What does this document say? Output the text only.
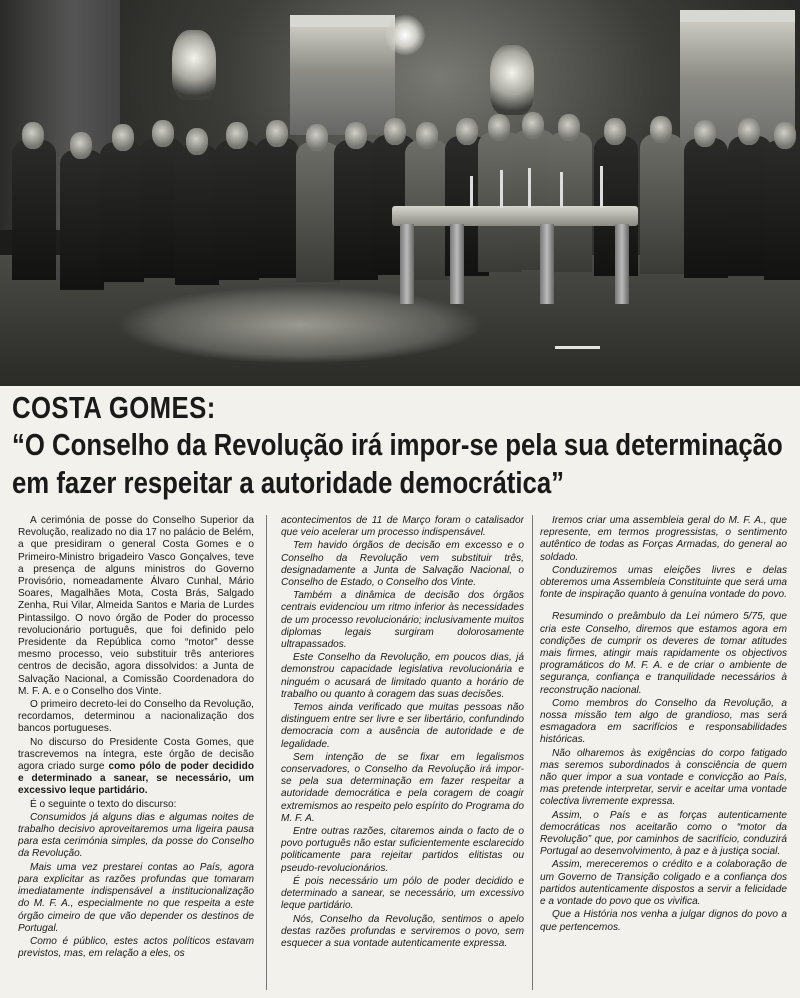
COSTA GOMES:
“O Conselho da Revolução irá impor-se pela sua determinação
em fazer respeitar a autoridade democrática”

A cerimónia de posse do Conselho Superior da Revolução, realizado no dia 17 no palácio de Belém, a que presidiram o general Costa Gomes e o Primeiro-Ministro brigadeiro Vasco Gonçalves, teve a presença de alguns ministros do Governo Provisório, nomeadamente Álvaro Cunhal, Mário Soares, Magalhães Mota, Costa Brás, Salgado Zenha, Rui Vilar, Almeida Santos e Maria de Lurdes Pintassilgo. O novo órgão de Poder do processo revolucionário português, que foi definido pelo Presidente da República como “motor” desse mesmo processo, veio substituir três anteriores centros de decisão, agora dissolvidos: a Junta de Salvação Nacional, a Comissão Coordenadora do M. F. A. e o Conselho dos Vinte.

O primeiro decreto-lei do Conselho da Revolução, recordamos, determinou a nacionalização dos bancos portugueses.

No discurso do Presidente Costa Gomes, que trascrevemos na íntegra, este órgão de decisão agora criado surge como pólo de poder decidido e determinado a sanear, se necessário, um excessivo leque partidário.

É o seguinte o texto do discurso:

Consumidos já alguns dias e algumas noites de trabalho decisivo aproveitaremos uma ligeira pausa para esta cerimónia simples, da posse do Conselho da Revolução.

Mais uma vez prestarei contas ao País, agora para explicitar as razões profundas que tomaram imediatamente indispensável a institucionalização do M. F. A., especialmente no que respeita a este órgão cimeiro de que vão depender os destinos de Portugal.

Como é público, estes actos políticos estavam previstos, mas, em relação a eles, os

acontecimentos de 11 de Março foram o catalisador que veio acelerar um processo indispensável.

Tem havido órgãos de decisão em excesso e o Conselho da Revolução vem substituir três, designadamente a Junta de Salvação Nacional, o Conselho de Estado, o Conselho dos Vinte.

Também a dinâmica de decisão dos órgãos centrais evidenciou um ritmo inferior às necessidades de um processo revolucionário; inclusivamente muitos diplomas legais surgiram dolorosamente ultrapassados.

Este Conselho da Revolução, em poucos dias, já demonstrou capacidade legislativa revolucionária e ninguém o acusará de limitado quanto a horário de trabalho ou quanto à coragem das suas decisões.

Temos ainda verificado que muitas pessoas não distinguem entre ser livre e ser libertário, confundindo democracia com a ausência de autoridade e de legalidade.

Sem intenção de se fixar em legalismos conservadores, o Conselho da Revolução irá impor-se pela sua determinação em fazer respeitar a autoridade democrática e pela coragem de coagir extremismos ao respeito pelo espírito do Programa do M. F. A.

Entre outras razões, citaremos ainda o facto de o povo português não estar suficientemente esclarecido politicamente para rejeitar partidos elitistas ou pseudo-revolucionários.

É pois necessário um pólo de poder decidido e determinado a sanear, se necessário, um excessivo leque partidário.

Nós, Conselho da Revolução, sentimos o apelo destas razões profundas e serviremos o povo, sem esquecer a sua vontade autenticamente expressa.

Iremos criar uma assembleia geral do M. F. A., que represente, em termos progressistas, o sentimento autêntico de todas as Forças Armadas, do general ao soldado.

Conduziremos umas eleições livres e delas obteremos uma Assembleia Constituinte que será uma fonte de inspiração quanto à genuína vontade do povo.

Resumindo o preâmbulo da Lei número 5/75, que cria este Conselho, diremos que estamos agora em condições de cumprir os deveres de tomar atitudes mais firmes, atingir mais rapidamente os objectivos programáticos do M. F. A. e de criar o ambiente de segurança, confiança e tranquilidade necessários à reconstrução nacional.

Como membros do Conselho da Revolução, a nossa missão tem algo de grandioso, mas será esmagadora em sacrifícios e responsabilidades históricas.

Não olharemos às exigências do corpo fatigado mas seremos subordinados à consciência de quem não quer impor a sua vontade e convicção ao País, mas pretende interpretar, servir e aceitar uma vontade colectiva livremente expressa.

Assim, o País e as forças autenticamente democráticas nos aceitarão como o “motor da Revolução” que, por caminhos de sacrifício, conduzirá Portugal ao desenvolvimento, à paz e à justiça social.

Assim, mereceremos o crédito e a colaboração de um Governo de Transição coligado e a confiança dos partidos autenticamente dispostos a servir a felicidade e a vontade do povo que os vivifica.

Que a História nos venha a julgar dignos do povo a que pertencemos.
